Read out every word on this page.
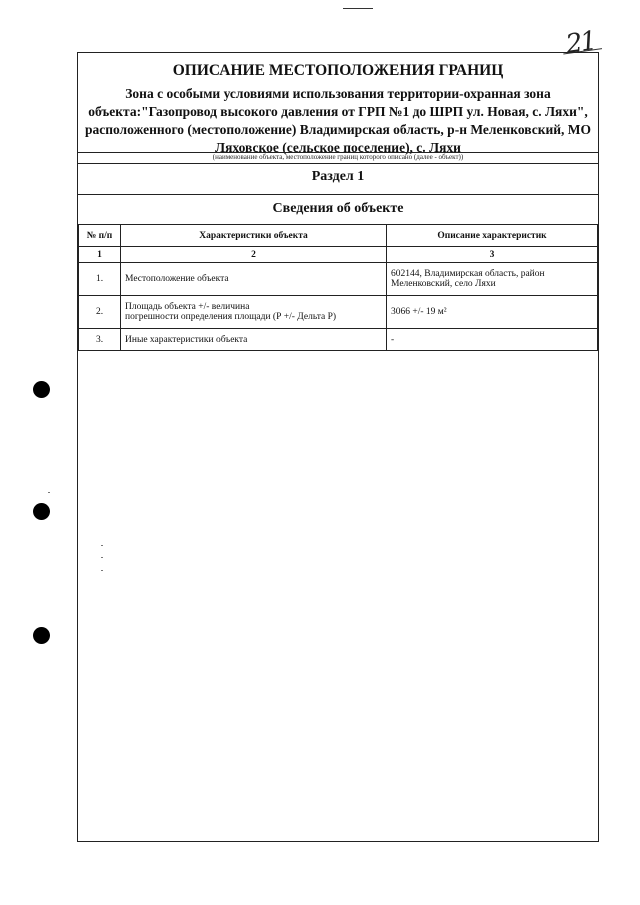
21
ОПИСАНИЕ МЕСТОПОЛОЖЕНИЯ ГРАНИЦ
Зона с особыми условиями использования территории-охранная зона
объекта:"Газопровод высокого давления от ГРП №1 до ШРП ул. Новая, с. Ляхи",
расположенного (местоположение) Владимирская область, р-н Меленковский, МО
Ляховское (сельское поселение), с. Ляхи
(наименование объекта, местоположение границ которого описано (далее - объект))
Раздел 1
Сведения об объекте
№ п/п	Характеристики объекта	Описание характеристик
1	2	3
1.	Местоположение объекта	602144, Владимирская область, район
Меленковский, село Ляхи

2.	Площадь объекта +/- величина
погрешности определения площади (Р +/- Дельта Р)	3066 +/- 19 м²

3.	Иные характеристики объекта	-
